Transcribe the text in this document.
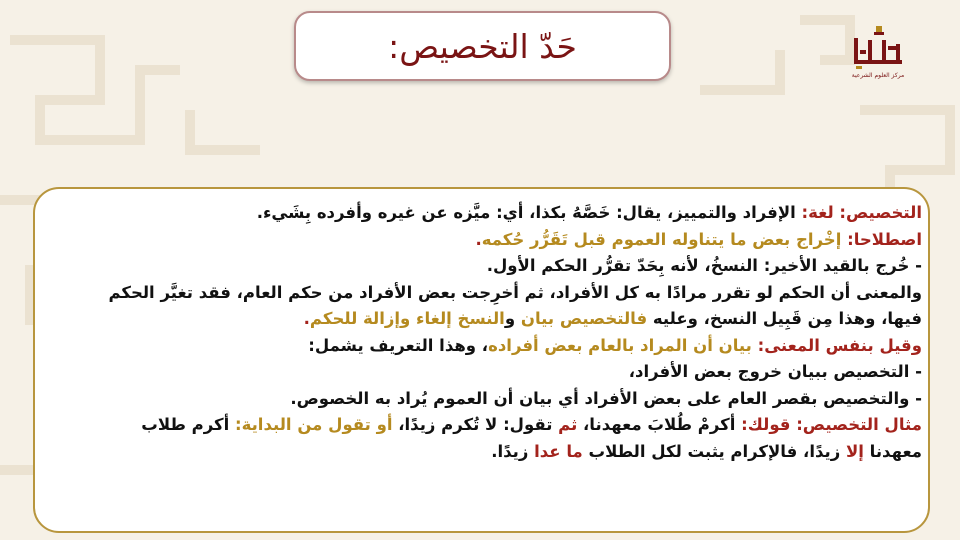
حَدّ التخصيص:
مركز العلوم الشرعية

التخصيص: لغة: الإفراد والتمييز، يقال: خَصَّهُ بكذا، أي: ميَّزه عن غيره وأفرده بِشَيء.

اصطلاحا: إخْراج بعض ما يتناوله العموم قبل تَقَرُّر حُكمه.

- خُرج بالقيد الأخير: النسخُ، لأنه بِحَدّ تقرُّر الحكم الأول.

والمعنى أن الحكم لو تقرر مرادًا به كل الأفراد، ثم أخرِجت بعض الأفراد من حكم العام، فقد تغيَّر الحكم

فيها، وهذا مِن قَبِيل النسخ، وعليه فالتخصيص بيان والنسخ إلغاء وإزالة للحكم.

وقيل بنفس المعنى: بيان أن المراد بالعام بعض أفراده، وهذا التعريف يشمل:

- التخصيص ببيان خروج بعض الأفراد،

- والتخصيص بقصر العام على بعض الأفراد أي بيان أن العموم يُراد به الخصوص.

مثال التخصيص: قولك: أكرمْ طُلابَ معهدنا، ثم تقول: لا تُكرم زيدًا، أو تقول من البداية: أكرم طلاب

معهدنا إلا زيدًا، فالإكرام يثبت لكل الطلاب ما عدا زيدًا.
